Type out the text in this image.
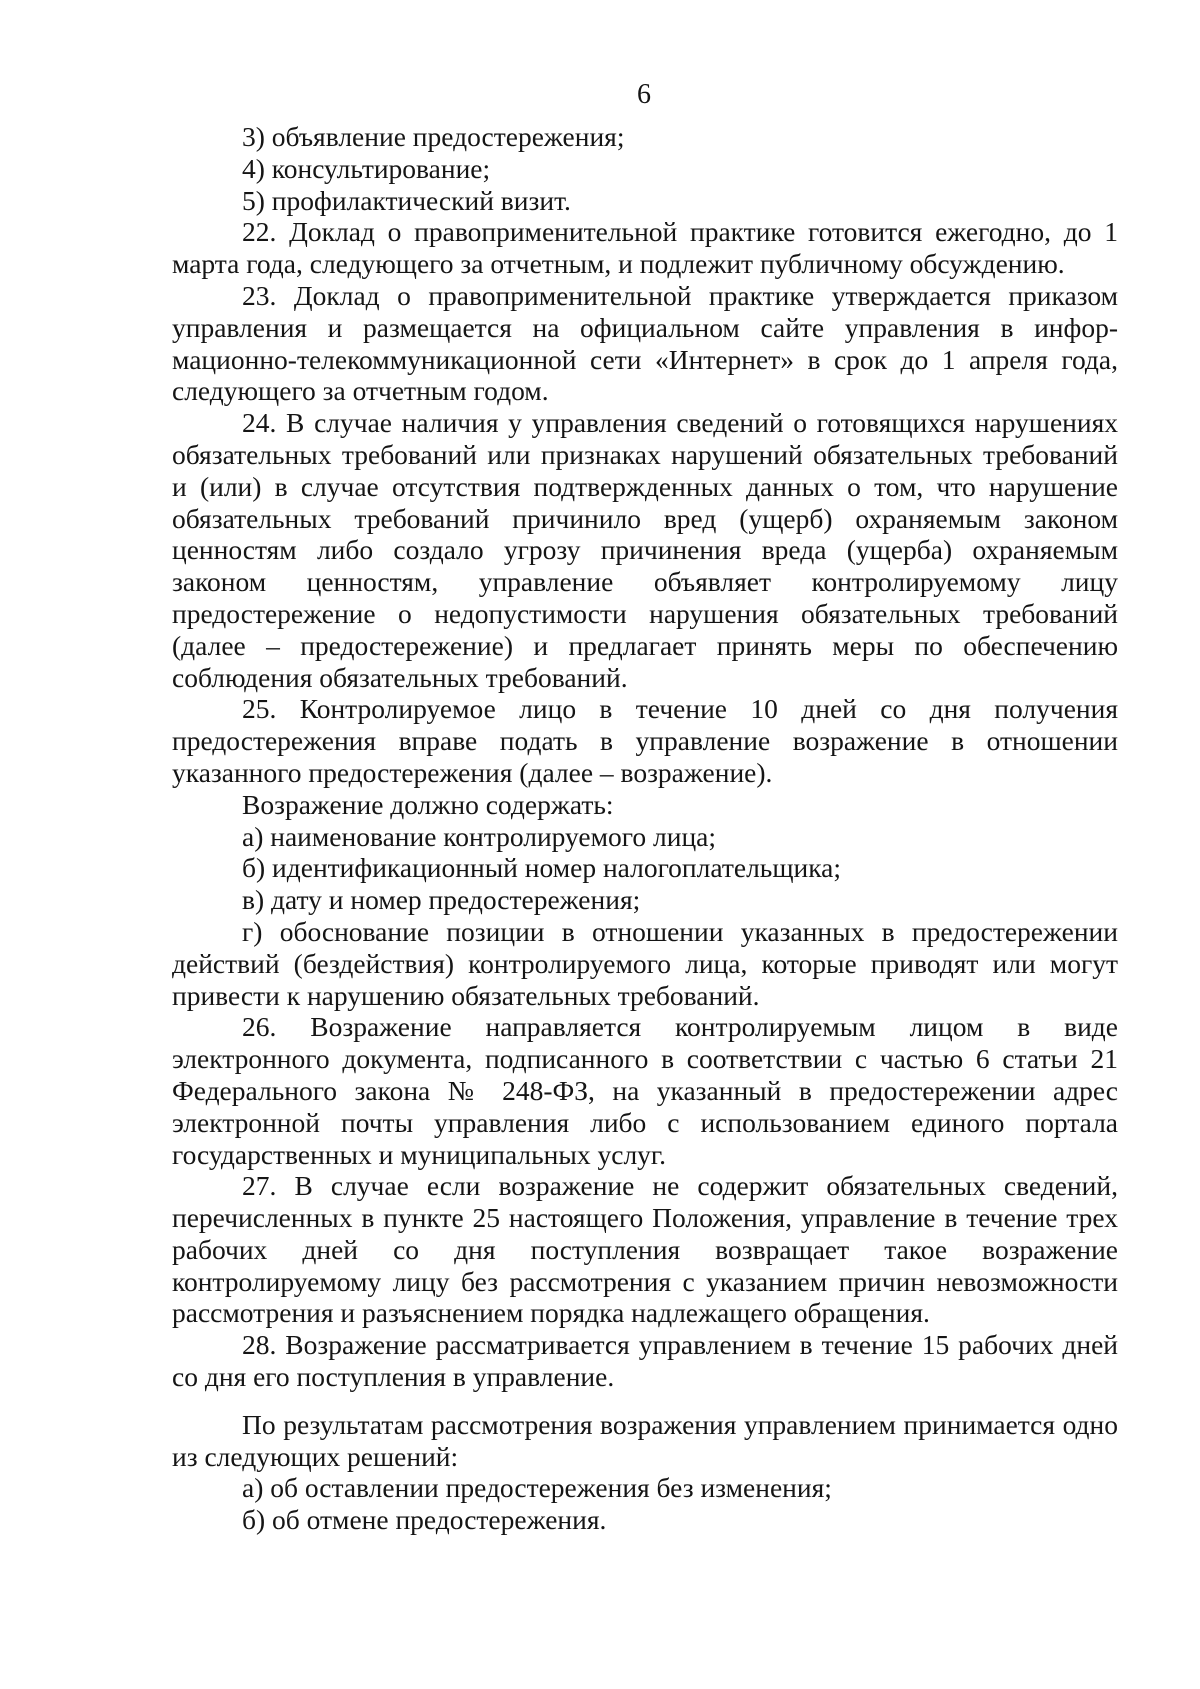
6

3) объявление предостережения;

4) консультирование;

5) профилактический визит.

22. Доклад о правоприменительной практике готовится ежегодно, до 1 марта года, следующего за отчетным, и подлежит публичному обсуждению.

23. Доклад о правоприменительной практике утверждается приказом управления и размещается на официальном сайте управления в информационно-телекоммуникационной сети «Интернет» в срок до 1 апреля года, следующего за отчетным годом.

24. В случае наличия у управления сведений о готовящихся нарушениях обязательных требований или признаках нарушений обязательных требований и (или) в случае отсутствия подтвержденных данных о том, что нарушение обязательных требований причинило вред (ущерб) охраняемым законом ценностям либо создало угрозу причинения вреда (ущерба) охраняемым законом ценностям, управление объявляет контролируемому лицу предостережение о недопустимости нарушения обязательных требований (далее – предостережение) и предлагает принять меры по обеспечению соблюдения обязательных требований.

25. Контролируемое лицо в течение 10 дней со дня получения предостережения вправе подать в управление возражение в отношении указанного предостережения (далее – возражение).

Возражение должно содержать:

а) наименование контролируемого лица;

б) идентификационный номер налогоплательщика;

в) дату и номер предостережения;

г) обоснование позиции в отношении указанных в предостережении действий (бездействия) контролируемого лица, которые приводят или могут привести к нарушению обязательных требований.

26. Возражение направляется контролируемым лицом в виде электронного документа, подписанного в соответствии с частью 6 статьи 21 Федерального закона № 248-ФЗ, на указанный в предостережении адрес электронной почты управления либо с использованием единого портала государственных и муниципальных услуг.

27. В случае если возражение не содержит обязательных сведений, перечисленных в пункте 25 настоящего Положения, управление в течение трех рабочих дней со дня поступления возвращает такое возражение контролируемому лицу без рассмотрения с указанием причин невозможности рассмотрения и разъяснением порядка надлежащего обращения.

28. Возражение рассматривается управлением в течение 15 рабочих дней со дня его поступления в управление.

По результатам рассмотрения возражения управлением принимается одно из следующих решений:

а) об оставлении предостережения без изменения;

б) об отмене предостережения.
